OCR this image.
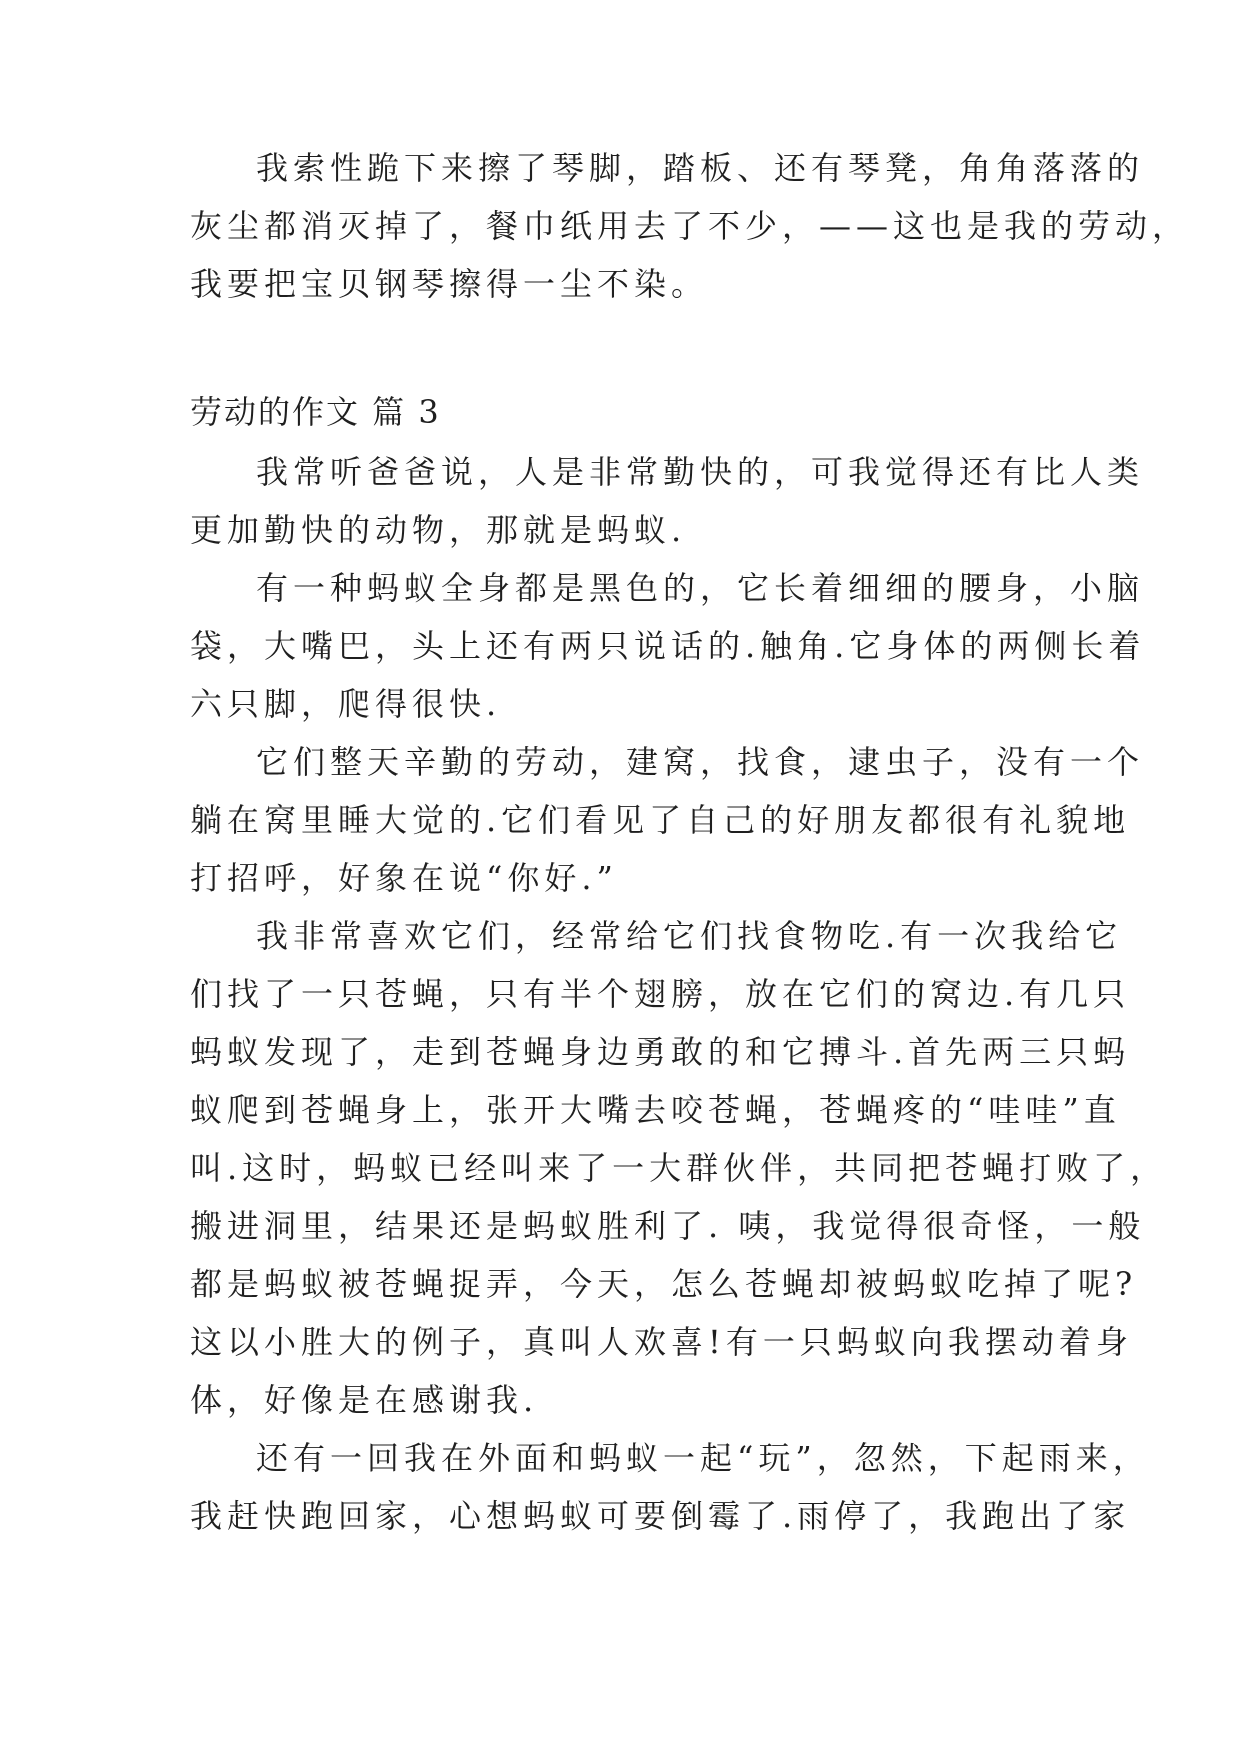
我索性跪下来擦了琴脚，踏板、还有琴凳，角角落落的
灰尘都消灭掉了，餐巾纸用去了不少，——这也是我的劳动，
我要把宝贝钢琴擦得一尘不染。
劳动的作文 篇 3
我常听爸爸说，人是非常勤快的，可我觉得还有比人类
更加勤快的动物，那就是蚂蚁.
有一种蚂蚁全身都是黑色的，它长着细细的腰身，小脑
袋，大嘴巴，头上还有两只说话的.触角.它身体的两侧长着
六只脚，爬得很快.
它们整天辛勤的劳动，建窝，找食，逮虫子，没有一个
躺在窝里睡大觉的.它们看见了自己的好朋友都很有礼貌地
打招呼，好象在说“你好.”
我非常喜欢它们，经常给它们找食物吃.有一次我给它
们找了一只苍蝇，只有半个翅膀，放在它们的窝边.有几只
蚂蚁发现了，走到苍蝇身边勇敢的和它搏斗.首先两三只蚂
蚁爬到苍蝇身上，张开大嘴去咬苍蝇，苍蝇疼的“哇哇”直
叫.这时，蚂蚁已经叫来了一大群伙伴，共同把苍蝇打败了，
搬进洞里，结果还是蚂蚁胜利了. 咦，我觉得很奇怪，一般
都是蚂蚁被苍蝇捉弄，今天，怎么苍蝇却被蚂蚁吃掉了呢?
这以小胜大的例子，真叫人欢喜!有一只蚂蚁向我摆动着身
体，好像是在感谢我.
还有一回我在外面和蚂蚁一起“玩”，忽然，下起雨来，
我赶快跑回家，心想蚂蚁可要倒霉了.雨停了，我跑出了家
